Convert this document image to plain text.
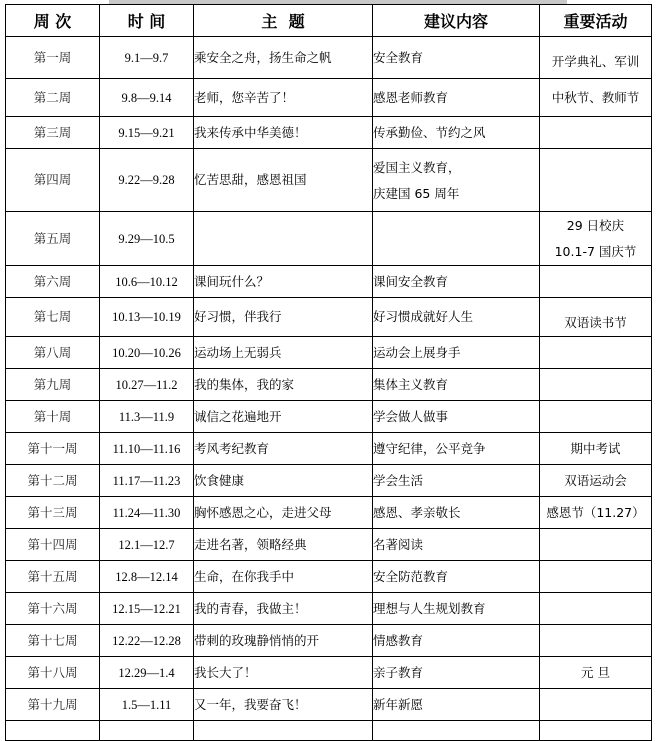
周 次	时 间	主  题	建议内容	重要活动

第一周	9.1—9.7	乘安全之舟，扬生命之帆	安全教育	开学典礼、军训

第二周	9.8—9.14	老师，您辛苦了！	感恩老师教育	中秋节、教师节

第三周	9.15—9.21	我来传承中华美德！	传承勤俭、节约之风	

第四周	9.22—9.28	忆苦思甜，感恩祖国	爱国主义教育，
庆建国 65 周年	

第五周	9.29—10.5			29 日校庆
10.1-7 国庆节

第六周	10.6—10.12	课间玩什么？	课间安全教育	

第七周	10.13—10.19	好习惯，伴我行	好习惯成就好人生	双语读书节

第八周	10.20—10.26	运动场上无弱兵	运动会上展身手	

第九周	10.27—11.2	我的集体，我的家	集体主义教育	

第十周	11.3—11.9	诚信之花遍地开	学会做人做事	

第十一周	11.10—11.16	考风考纪教育	遵守纪律，公平竞争	期中考试

第十二周	11.17—11.23	饮食健康	学会生活	双语运动会

第十三周	11.24—11.30	胸怀感恩之心，走进父母	感恩、孝亲敬长	感恩节（11.27）

第十四周	12.1—12.7	走进名著，领略经典	名著阅读	

第十五周	12.8—12.14	生命，在你我手中	安全防范教育	

第十六周	12.15—12.21	我的青春，我做主！	理想与人生规划教育	

第十七周	12.22—12.28	带刺的玫瑰静悄悄的开	情感教育	

第十八周	12.29—1.4	我长大了！	亲子教育	元 旦

第十九周	1.5—1.11	又一年，我要奋飞！	新年新愿	
